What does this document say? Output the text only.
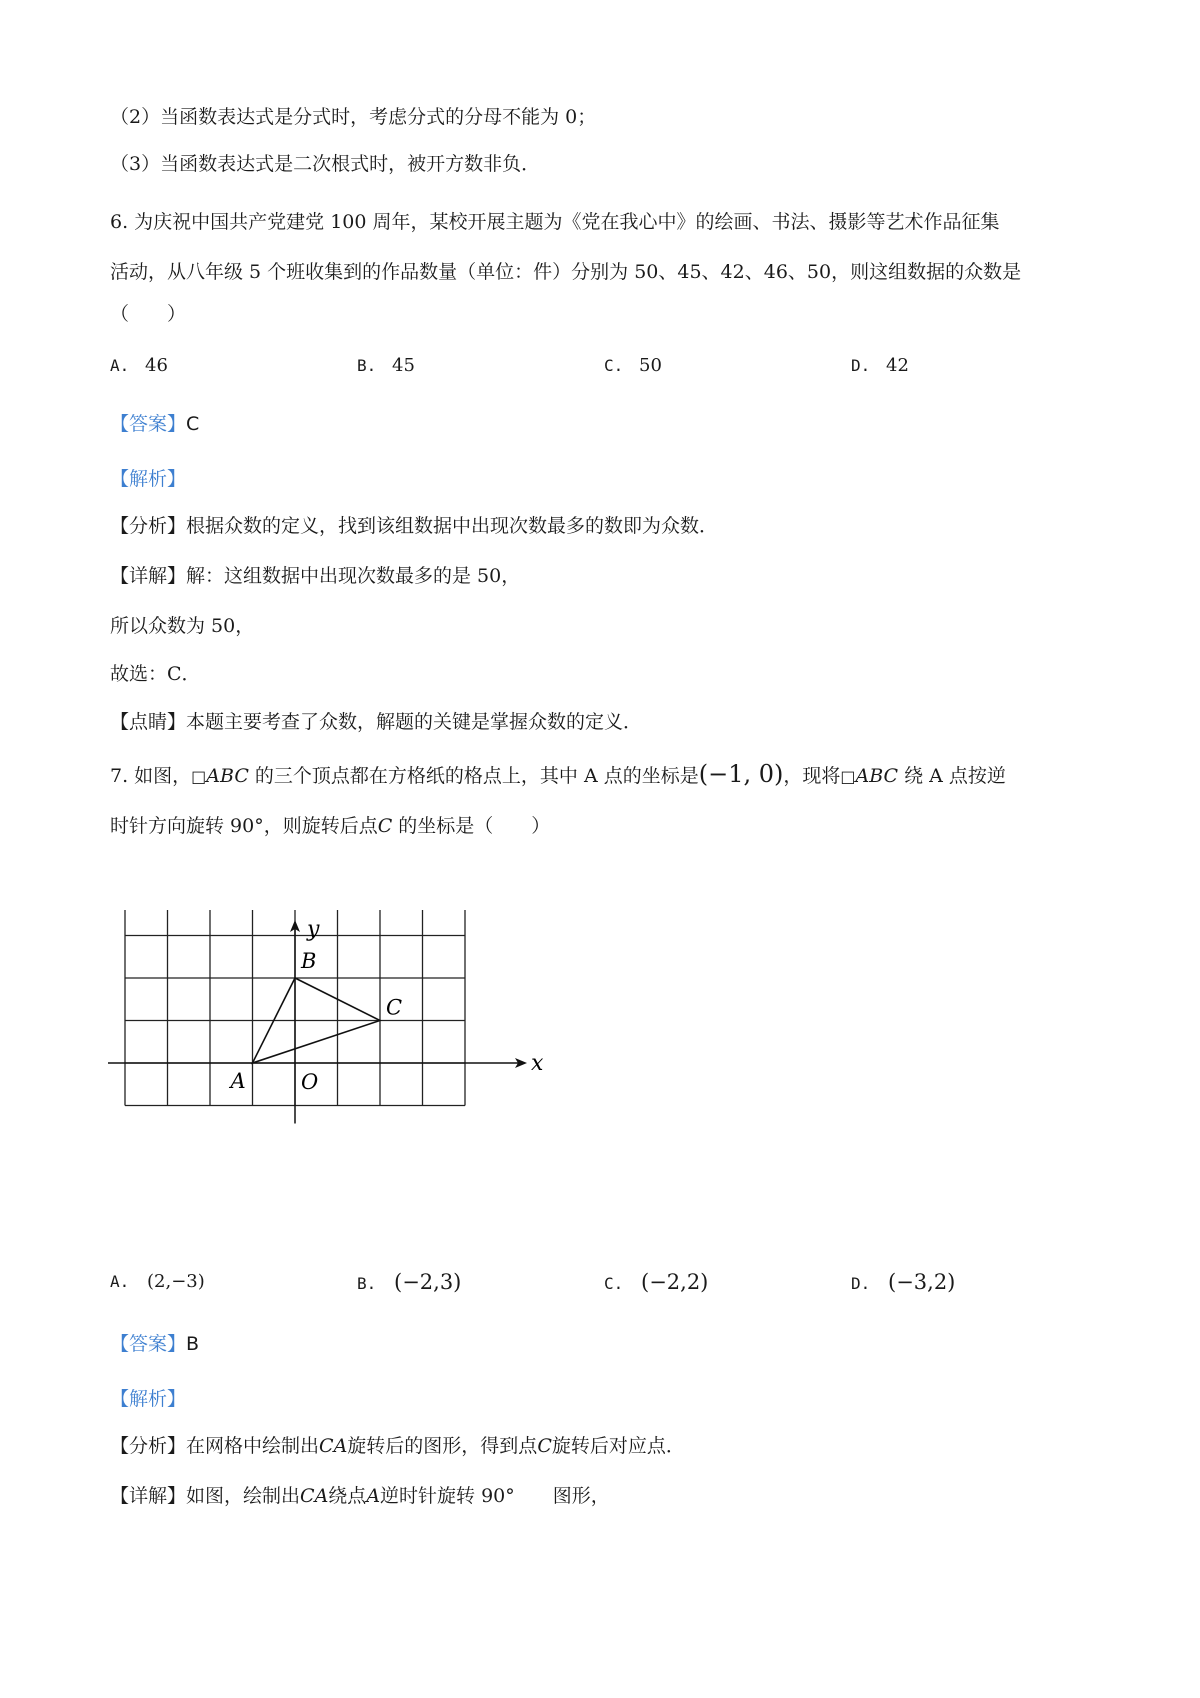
（2）当函数表达式是分式时，考虑分式的分母不能为 0；
（3）当函数表达式是二次根式时，被开方数非负．
6. 为庆祝中国共产党建党 100 周年，某校开展主题为《党在我心中》的绘画、书法、摄影等艺术作品征集
活动，从八年级 5 个班收集到的作品数量（单位：件）分别为 50、45、42、46、50，则这组数据的众数是
（　　）
A. 46	B. 45	C. 50	D. 42
【答案】C
【解析】
【分析】根据众数的定义，找到该组数据中出现次数最多的数即为众数．
【详解】解：这组数据中出现次数最多的是 50，
所以众数为 50，
故选：C．
【点睛】本题主要考查了众数，解题的关键是掌握众数的定义．
7. 如图，□ABC 的三个顶点都在方格纸的格点上，其中 A 点的坐标是(−1, 0)，现将□ABC 绕 A 点按逆
时针方向旋转 90°，则旋转后点C 的坐标是（　　）
y
x
O
A
B
C
A. (2,−3)	B. (−2,3)	C. (−2,2)	D. (−3,2)
【答案】B
【解析】
【分析】在网格中绘制出CA旋转后的图形，得到点C旋转后对应点．
【详解】如图，绘制出CA绕点A逆时针旋转 90°　　图形，
